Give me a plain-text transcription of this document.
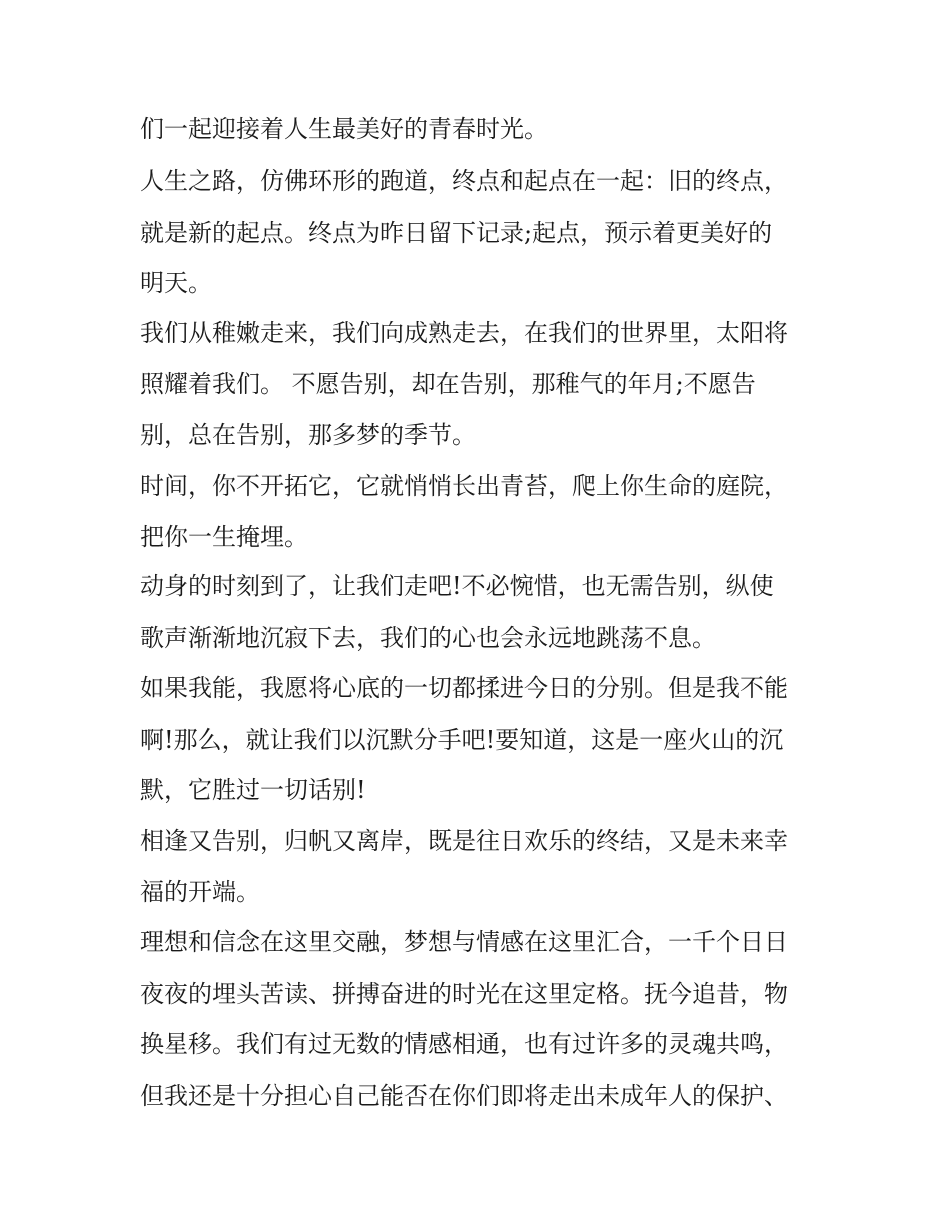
们一起迎接着人生最美好的青春时光。
人生之路，仿佛环形的跑道，终点和起点在一起：旧的终点，
就是新的起点。终点为昨日留下记录;起点，预示着更美好的
明天。
我们从稚嫩走来，我们向成熟走去，在我们的世界里，太阳将
照耀着我们。 不愿告别，却在告别，那稚气的年月;不愿告
别，总在告别，那多梦的季节。
时间，你不开拓它，它就悄悄长出青苔，爬上你生命的庭院，
把你一生掩埋。
动身的时刻到了，让我们走吧!不必惋惜，也无需告别，纵使
歌声渐渐地沉寂下去，我们的心也会永远地跳荡不息。
如果我能，我愿将心底的一切都揉进今日的分别。但是我不能
啊!那么，就让我们以沉默分手吧!要知道，这是一座火山的沉
默，它胜过一切话别!
相逢又告别，归帆又离岸，既是往日欢乐的终结，又是未来幸
福的开端。
理想和信念在这里交融，梦想与情感在这里汇合，一千个日日
夜夜的埋头苦读、拼搏奋进的时光在这里定格。抚今追昔，物
换星移。我们有过无数的情感相通，也有过许多的灵魂共鸣，
但我还是十分担心自己能否在你们即将走出未成年人的保护、
